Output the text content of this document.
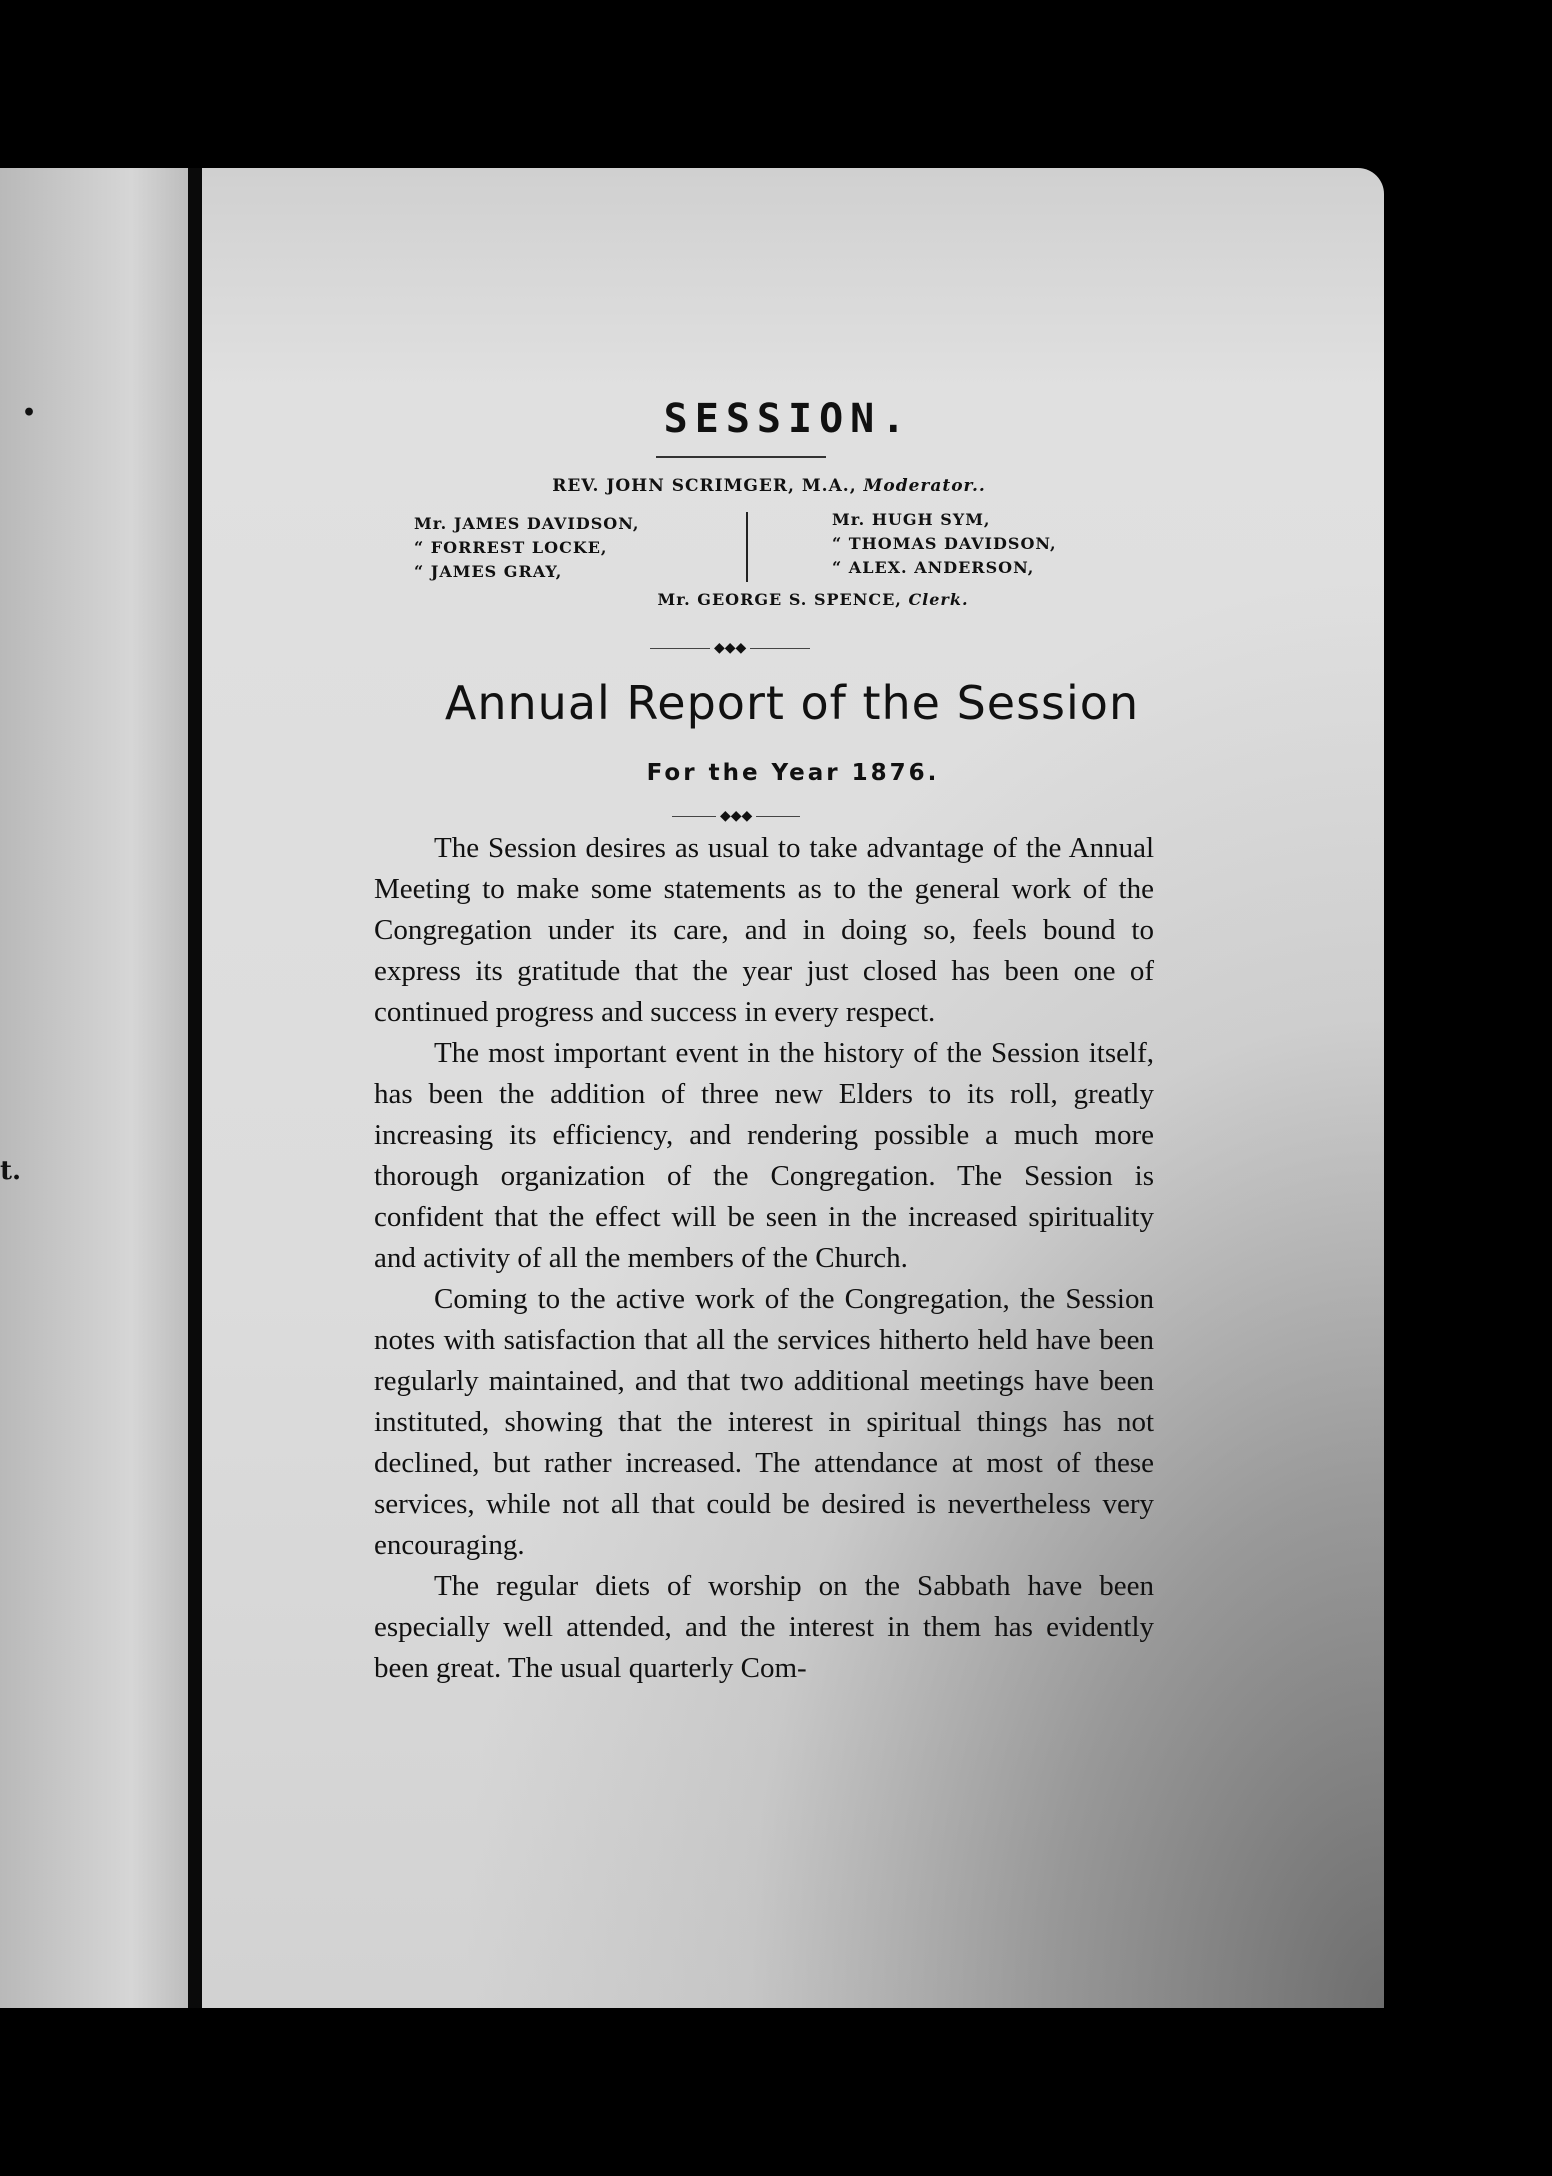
•
t.
SESSION.
REV. JOHN SCRIMGER, M.A., Moderator..
Mr. JAMES DAVIDSON,
“ FORREST LOCKE,
“ JAMES GRAY,
Mr. HUGH SYM,
“ THOMAS DAVIDSON,
“ ALEX. ANDERSON,
Mr. GEORGE S. SPENCE, Clerk.
◆◆◆
Annual Report of the Session
For the Year 1876.
◆◆◆

The Session desires as usual to take advantage of the Annual Meeting to make some statements as to the general work of the Congregation under its care, and in doing so, feels bound to express its gratitude that the year just closed has been one of continued progress and success in every respect.

The most important event in the history of the Session itself, has been the addition of three new Elders to its roll, greatly increasing its efficiency, and rendering possible a much more thorough organization of the Congregation. The Session is confident that the effect will be seen in the increased spirituality and activity of all the members of the Church.

Coming to the active work of the Congregation, the Session notes with satisfaction that all the services hitherto held have been regularly maintained, and that two additional meetings have been instituted, showing that the interest in spiritual things has not declined, but rather increased. The attendance at most of these services, while not all that could be desired is nevertheless very encouraging.

The regular diets of worship on the Sabbath have been especially well attended, and the interest in them has evidently been great. The usual quarterly Com-
